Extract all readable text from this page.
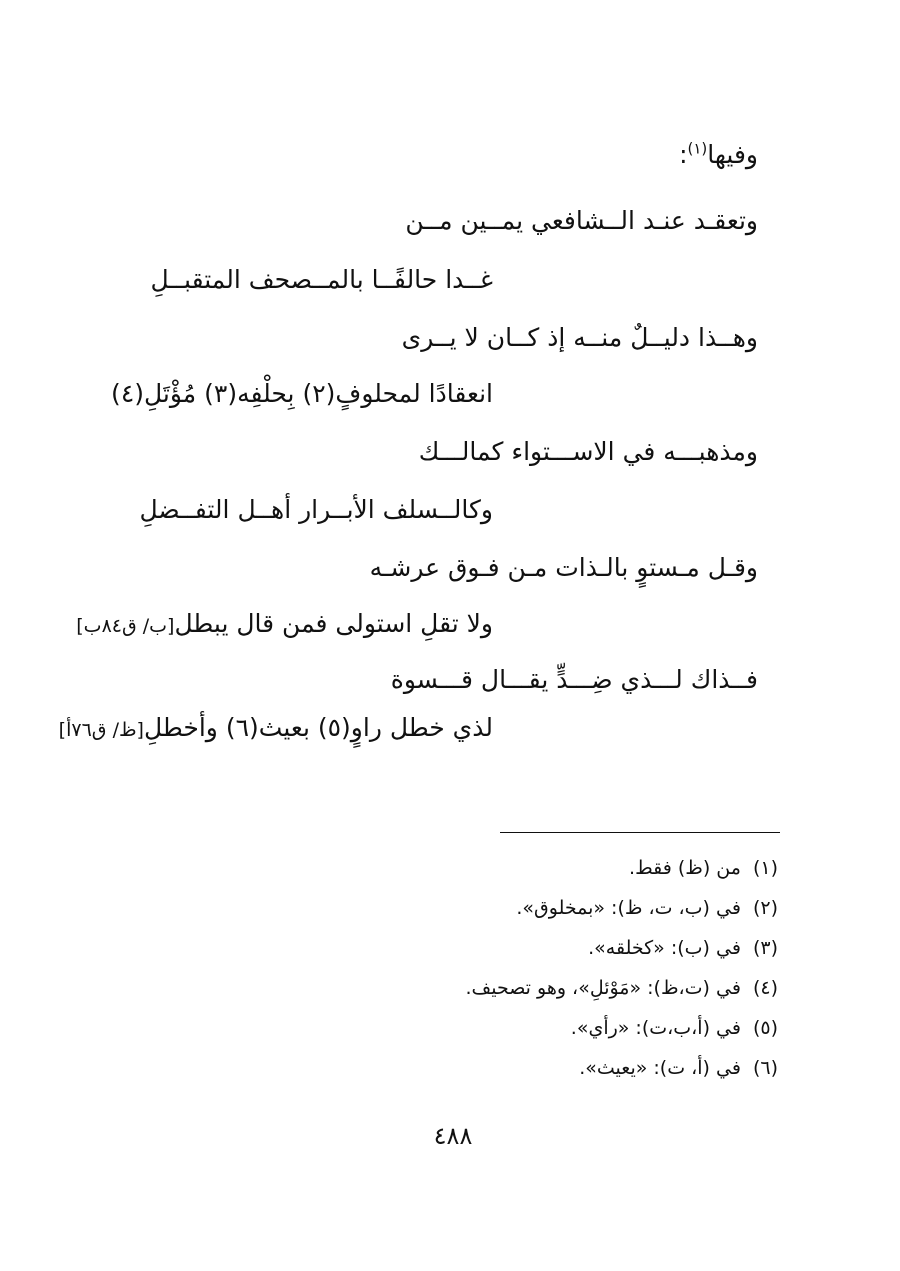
وفيها$^{(١)}$:
وتعقـد عنـد الــشافعي يمــين مــن
غــدا حالفًــا بالمــصحف المتقبــلِ
وهــذا دليــلٌ منــه إذ كــان لا يــرى
انعقادًا لمحلوفٍ(٢) بِحلْفِه(٣) مُؤْتَلِ(٤)
ومذهبـــه في الاســـتواء كمالـــك
وكالــسلف الأبــرار أهــل التفــضلِ
وقـل مـستوٍ بالـذات مـن فـوق عرشـه
ولا تقلِ استولى فمن قال يبطل[ب/ ق٨٤ب]
فــذاك لـــذي ضِـــدٍّ يقـــال قـــسوة
لذي خطل راوٍ(٥) بعيث(٦) وأخطلِ[ظ/ ق٧٦أ]
(١)من (ظ) فقط.
(٢)في (ب، ت، ظ): «بمخلوق».
(٣)في (ب): «كخلقه».
(٤)في (ت،ظ): «مَوْئلِ»، وهو تصحيف.
(٥)في (أ،ب،ت): «رأي».
(٦)في (أ، ت): «يعيث».
٤٨٨
